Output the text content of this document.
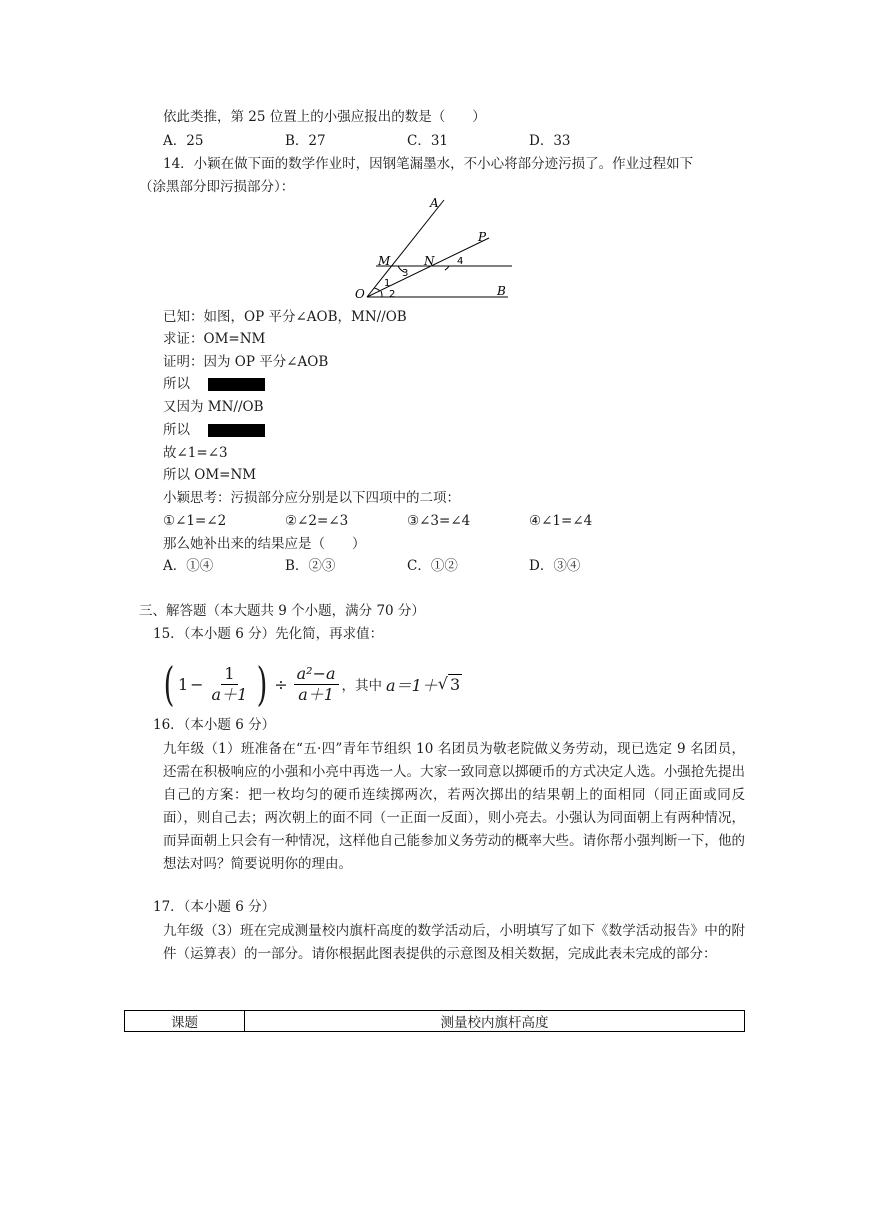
依此类推，第 25 位置上的小强应报出的数是（　　）
A．25	B．27	C．31	D．33
14．小颖在做下面的数学作业时，因钢笔漏墨水，不小心将部分迹污损了。作业过程如下
（涂黑部分即污损部分）：
A
P
M	N
O	B
1
2
3
4
已知：如图，OP 平分∠AOB，MN//OB
求证：OM=NM
证明：因为 OP 平分∠AOB
所以
又因为 MN//OB
所以
故∠1=∠3
所以 OM=NM
小颖思考：污损部分应分别是以下四项中的二项：
①∠1=∠2	②∠2=∠3	③∠3=∠4	④∠1=∠4
那么她补出来的结果应是（　　）
A．①④	B．②③	C．①②	D．③④
三、解答题（本大题共 9 个小题，满分 70 分）
15．（本小题 6 分）先化简，再求值：
( $1 - \frac{1}{a+1}$ ) ÷ $\frac{\text{a²−a}}{a+1}$ ，其中 a＝1＋ √ 3
16．（本小题 6 分）
九年级（1）班准备在“五·四”青年节组织 10 名团员为敬老院做义务劳动，现已选定 9 名团员，还需在积极响应的小强和小亮中再选一人。大家一致同意以掷硬币的方式决定人选。小强抢先提出自己的方案：把一枚均匀的硬币连续掷两次，若两次掷出的结果朝上的面相同（同正面或同反面），则自己去；两次朝上的面不同（一正面一反面），则小亮去。小强认为同面朝上有两种情况，而异面朝上只会有一种情况，这样他自己能参加义务劳动的概率大些。请你帮小强判断一下，他的想法对吗？简要说明你的理由。
17．（本小题 6 分）
九年级（3）班在完成测量校内旗杆高度的数学活动后，小明填写了如下《数学活动报告》中的附件（运算表）的一部分。请你根据此图表提供的示意图及相关数据，完成此表未完成的部分：
课题	测量校内旗杆高度
